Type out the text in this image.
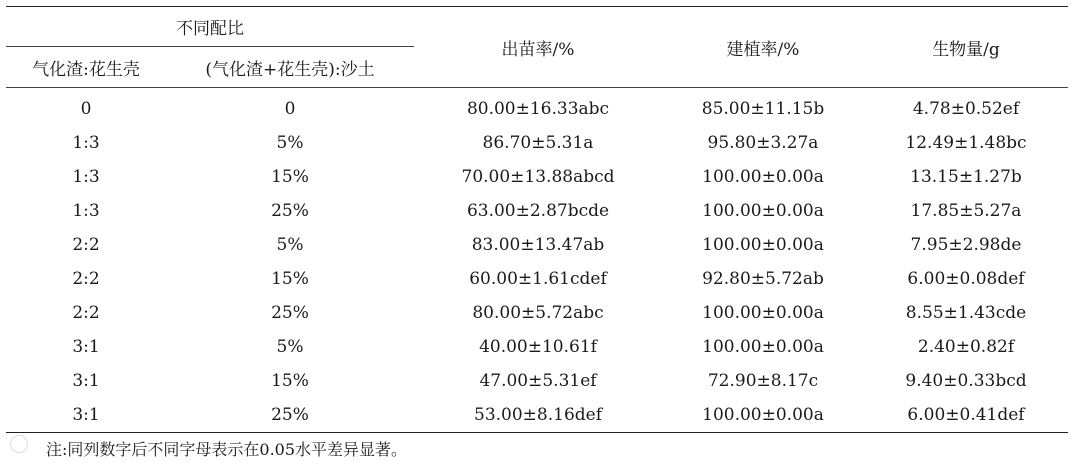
不同配比		出苗率/%	建植率/%	生物量/g
气化渣:花生壳	(气化渣+花生壳):沙土			
0	0	80.00±16.33abc	85.00±11.15b	4.78±0.52ef
1:3	5%	86.70±5.31a	95.80±3.27a	12.49±1.48bc
1:3	15%	70.00±13.88abcd	100.00±0.00a	13.15±1.27b
1:3	25%	63.00±2.87bcde	100.00±0.00a	17.85±5.27a
2:2	5%	83.00±13.47ab	100.00±0.00a	7.95±2.98de
2:2	15%	60.00±1.61cdef	92.80±5.72ab	6.00±0.08def
2:2	25%	80.00±5.72abc	100.00±0.00a	8.55±1.43cde
3:1	5%	40.00±10.61f	100.00±0.00a	2.40±0.82f
3:1	15%	47.00±5.31ef	72.90±8.17c	9.40±0.33bcd
3:1	25%	53.00±8.16def	100.00±0.00a	6.00±0.41def
注:同列数字后不同字母表示在0.05水平差异显著。
